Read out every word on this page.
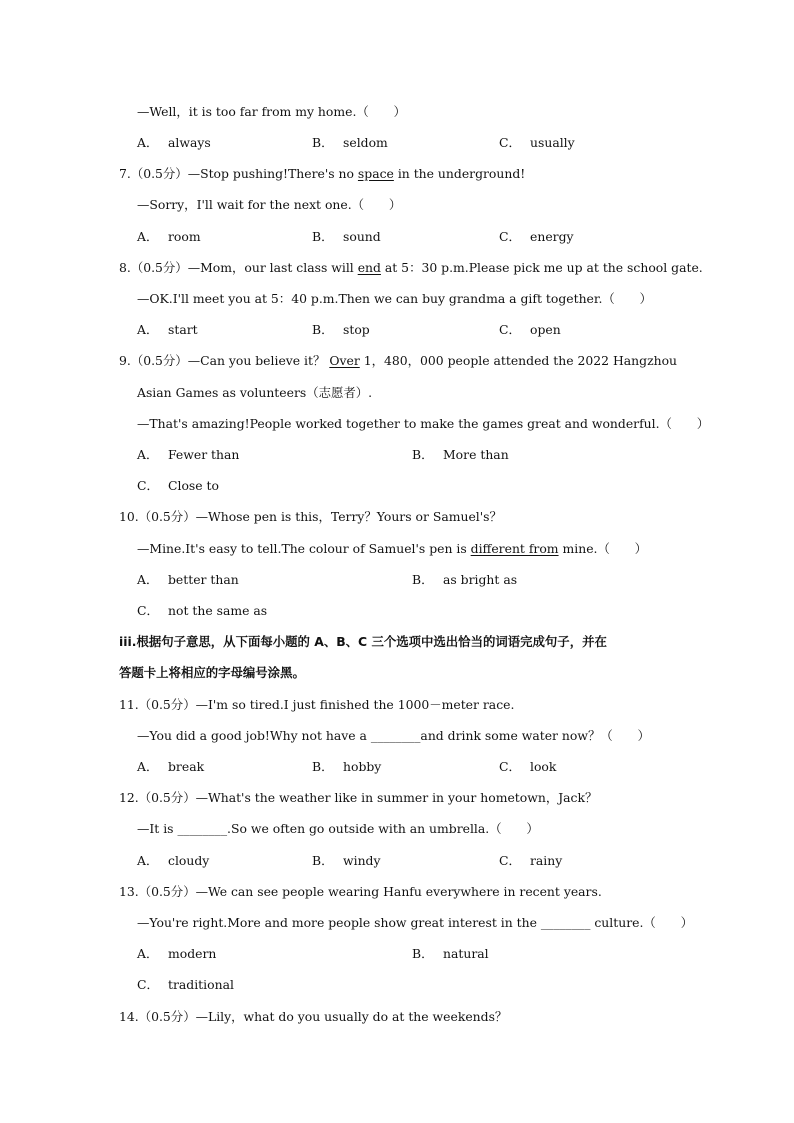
—Well，it is too far from my home.（　　）
A． always	B． seldom	C． usually
7.（0.5分）—Stop pushing!There's no space in the underground!
—Sorry，I'll wait for the next one.（　　）
A． room	B． sound	C． energy
8.（0.5分）—Mom，our last class will end at 5：30 p.m.Please pick me up at the school gate.
—OK.I'll meet you at 5：40 p.m.Then we can buy grandma a gift together.（　　）
A． start	B． stop	C． open
9.（0.5分）—Can you believe it？ Over 1，480，000 people attended the 2022 Hangzhou
Asian Games as volunteers（志愿者）.
—That's amazing!People worked together to make the games great and wonderful.（　　）
A． Fewer than	B． More than
C． Close to
10.（0.5分）—Whose pen is this，Terry？Yours or Samuel's？
—Mine.It's easy to tell.The colour of Samuel's pen is different from mine.（　　）
A． better than	B． as bright as
C． not the same as
iii.根据句子意思，从下面每小题的 A、B、C 三个选项中选出恰当的词语完成句子，并在
答题卡上将相应的字母编号涂黑。
11.（0.5分）—I'm so tired.I just finished the 1000－meter race.
—You did a good job!Why not have a ________and drink some water now？（　　）
A． break	B． hobby	C． look
12.（0.5分）—What's the weather like in summer in your hometown，Jack？
—It is ________.So we often go outside with an umbrella.（　　）
A． cloudy	B． windy	C． rainy
13.（0.5分）—We can see people wearing Hanfu everywhere in recent years.
—You're right.More and more people show great interest in the ________ culture.（　　）
A． modern	B． natural
C． traditional
14.（0.5分）—Lily，what do you usually do at the weekends？
